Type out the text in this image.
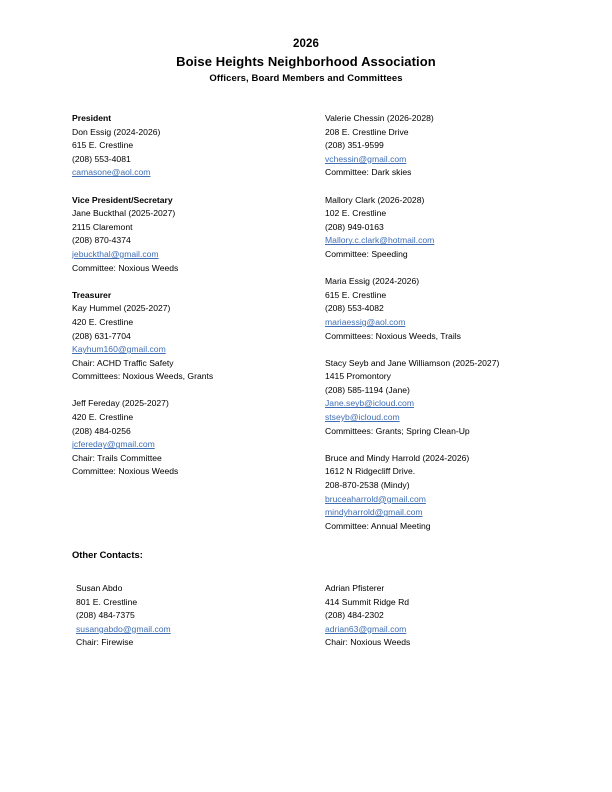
2026
Boise Heights Neighborhood Association
Officers, Board Members and Committees
President
Don Essig (2024-2026)
615 E. Crestline
(208) 553-4081
camasone@aol.com
Vice President/Secretary
Jane Buckthal (2025-2027)
2115 Claremont
(208) 870-4374
jebuckthal@gmail.com
Committee: Noxious Weeds
Treasurer
Kay Hummel (2025-2027)
420 E. Crestline
(208) 631-7704
Kayhum160@gmail.com
Chair: ACHD Traffic Safety
Committees: Noxious Weeds, Grants
Jeff Fereday (2025-2027)
420 E. Crestline
(208) 484-0256
jcfereday@gmail.com
Chair: Trails Committee
Committee: Noxious Weeds
Valerie Chessin (2026-2028)
208 E. Crestline Drive
(208) 351-9599
vchessin@gmail.com
Committee: Dark skies
Mallory Clark (2026-2028)
102 E. Crestline
(208) 949-0163
Mallory.c.clark@hotmail.com
Committee: Speeding
Maria Essig (2024-2026)
615 E. Crestline
(208) 553-4082
mariaessig@aol.com
Committees: Noxious Weeds, Trails
Stacy Seyb and Jane Williamson (2025-2027)
1415 Promontory
(208) 585-1194 (Jane)
Jane.seyb@icloud.com
stseyb@icloud.com
Committees: Grants; Spring Clean-Up
Bruce and Mindy Harrold (2024-2026)
1612 N Ridgecliff Drive.
208-870-2538 (Mindy)
bruceaharrold@gmail.com
mindyharrold@gmail.com
Committee: Annual Meeting
Other Contacts:
Susan Abdo
801 E. Crestline
(208) 484-7375
susangabdo@gmail.com
Chair: Firewise
Adrian Pfisterer
414 Summit Ridge Rd
(208) 484-2302
adrian63@gmail.com
Chair: Noxious Weeds
